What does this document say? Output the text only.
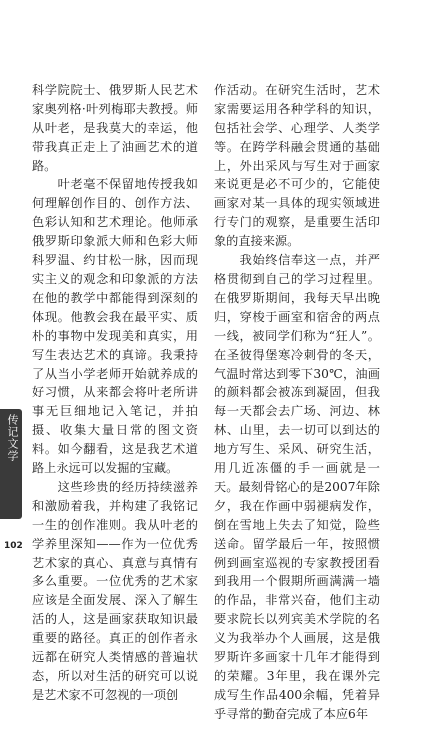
科学院院士、俄罗斯人民艺术家奥列格·叶列梅耶夫教授。师从叶老，是我莫大的幸运，他带我真正走上了油画艺术的道路。
　　叶老毫不保留地传授我如何理解创作目的、创作方法、色彩认知和艺术理论。他师承俄罗斯印象派大师和色彩大师科罗温、约甘松一脉，因而现实主义的观念和印象派的方法在他的教学中都能得到深刻的体现。他教会我在最平实、质朴的事物中发现美和真实，用写生表达艺术的真谛。我秉持了从当小学老师开始就养成的好习惯，从来都会将叶老所讲事无巨细地记入笔记，并拍摄、收集大量日常的图文资料。如今翻看，这是我艺术道路上永远可以发掘的宝藏。
　　这些珍贵的经历持续滋养和激励着我，并构建了我铭记一生的创作准则。我从叶老的学养里深知——作为一位优秀艺术家的真心、真意与真情有多么重要。一位优秀的艺术家应该是全面发展、深入了解生活的人，这是画家获取知识最重要的路径。真正的创作者永远都在研究人类情感的普遍状态，所以对生活的研究可以说是艺术家不可忽视的一项创

作活动。在研究生活时，艺术家需要运用各种学科的知识，包括社会学、心理学、人类学等。在跨学科融会贯通的基础上，外出采风与写生对于画家来说更是必不可少的，它能使画家对某一具体的现实领域进行专门的观察，是重要生活印象的直接来源。
　　我始终信奉这一点，并严格贯彻到自己的学习过程里。在俄罗斯期间，我每天早出晚归，穿梭于画室和宿舍的两点一线，被同学们称为“狂人”。在圣彼得堡寒冷刺骨的冬天，气温时常达到零下30℃，油画的颜料都会被冻到凝固，但我每一天都会去广场、河边、林林、山里，去一切可以到达的地方写生、采风、研究生活，用几近冻僵的手一画就是一天。最刻骨铭心的是2007年除夕，我在作画中弱褪病发作，倒在雪地上失去了知觉，险些送命。留学最后一年，按照惯例到画室巡视的专家教授团看到我用一个假期所画满满一墙的作品，非常兴奋，他们主动要求院长以列宾美术学院的名义为我举办个人画展，这是俄罗斯许多画家十几年才能得到的荣耀。3年里，我在课外完成写生作品400余幅，凭着异乎寻常的勤奋完成了本应6年

传记文学
102
